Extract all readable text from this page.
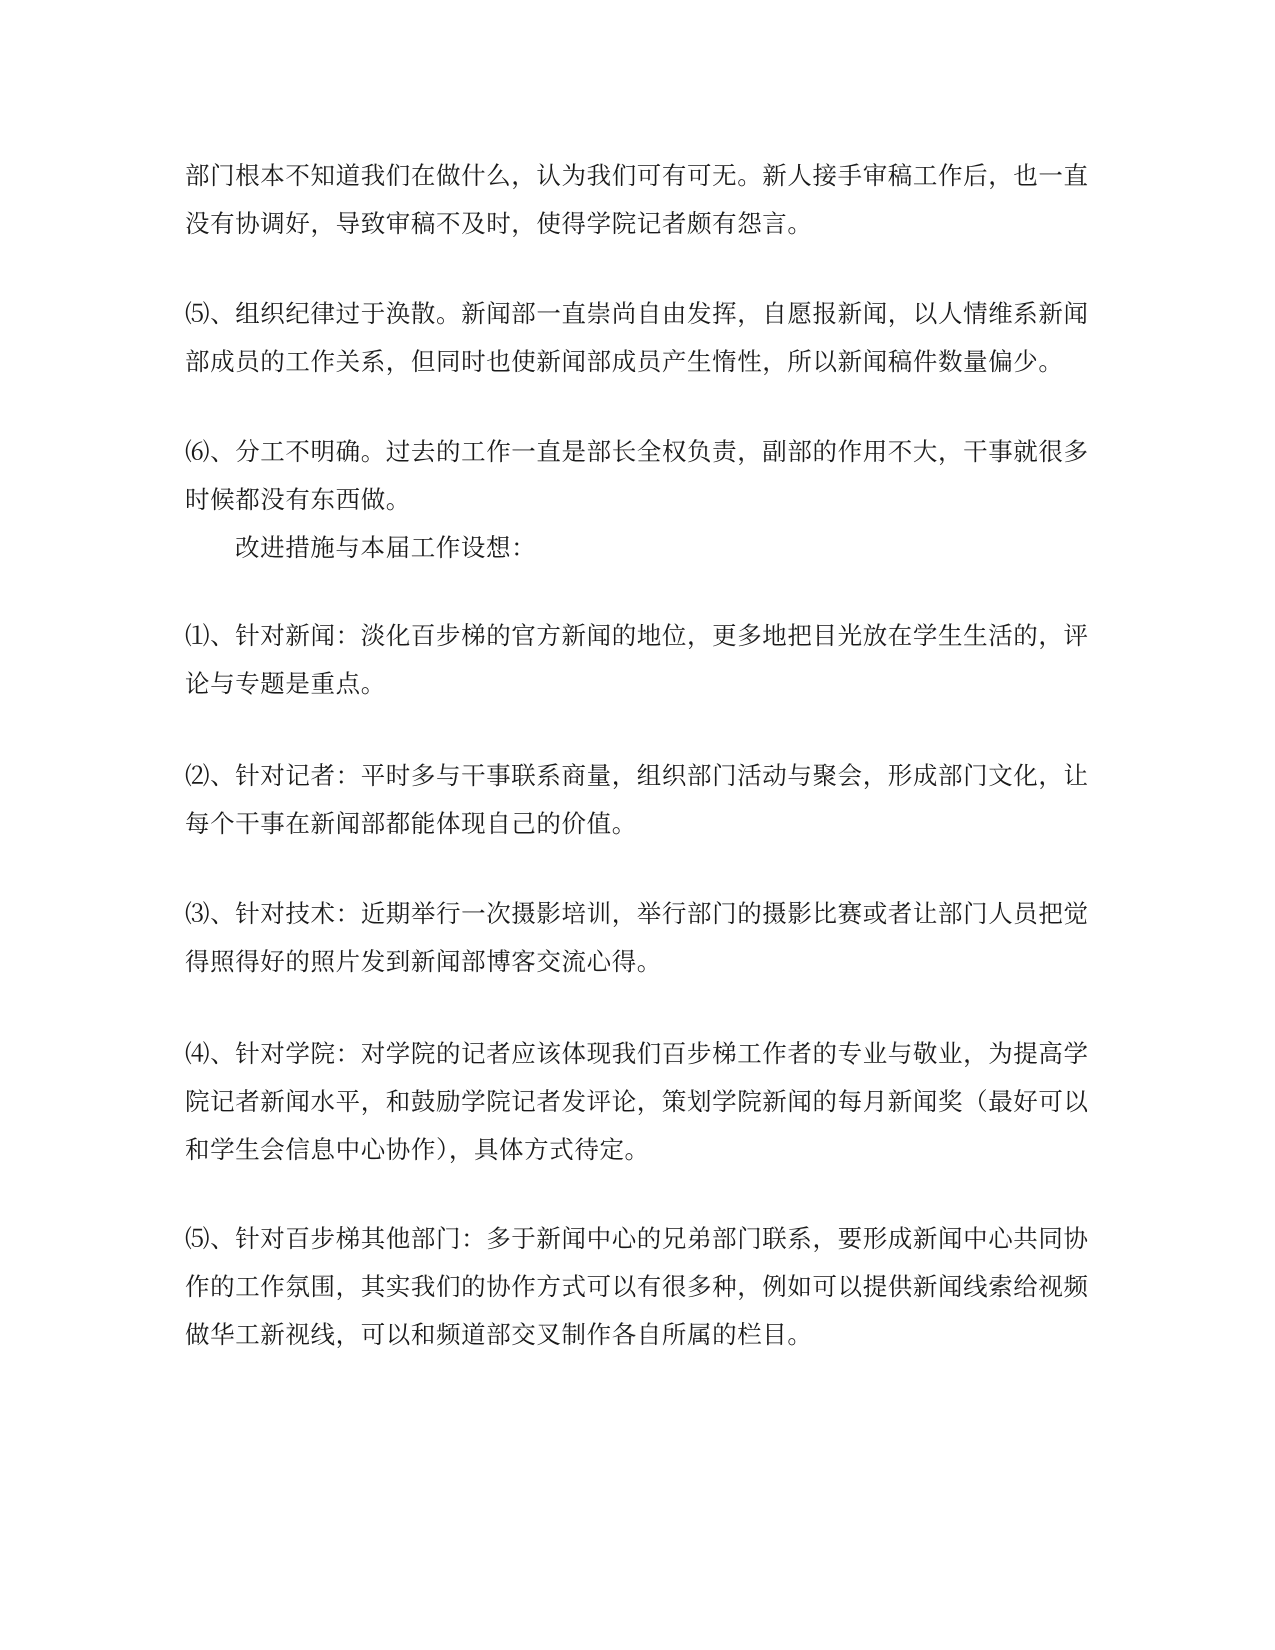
部门根本不知道我们在做什么，认为我们可有可无。新人接手审稿工作后，也一直
没有协调好，导致审稿不及时，使得学院记者颇有怨言。
⑸、组织纪律过于涣散。新闻部一直崇尚自由发挥，自愿报新闻，以人情维系新闻
部成员的工作关系，但同时也使新闻部成员产生惰性，所以新闻稿件数量偏少。
⑹、分工不明确。过去的工作一直是部长全权负责，副部的作用不大，干事就很多
时候都没有东西做。
改进措施与本届工作设想：
⑴、针对新闻：淡化百步梯的官方新闻的地位，更多地把目光放在学生生活的，评
论与专题是重点。
⑵、针对记者：平时多与干事联系商量，组织部门活动与聚会，形成部门文化，让
每个干事在新闻部都能体现自己的价值。
⑶、针对技术：近期举行一次摄影培训，举行部门的摄影比赛或者让部门人员把觉
得照得好的照片发到新闻部博客交流心得。
⑷、针对学院：对学院的记者应该体现我们百步梯工作者的专业与敬业，为提高学
院记者新闻水平，和鼓励学院记者发评论，策划学院新闻的每月新闻奖（最好可以
和学生会信息中心协作），具体方式待定。
⑸、针对百步梯其他部门：多于新闻中心的兄弟部门联系，要形成新闻中心共同协
作的工作氛围，其实我们的协作方式可以有很多种，例如可以提供新闻线索给视频
做华工新视线，可以和频道部交叉制作各自所属的栏目。
